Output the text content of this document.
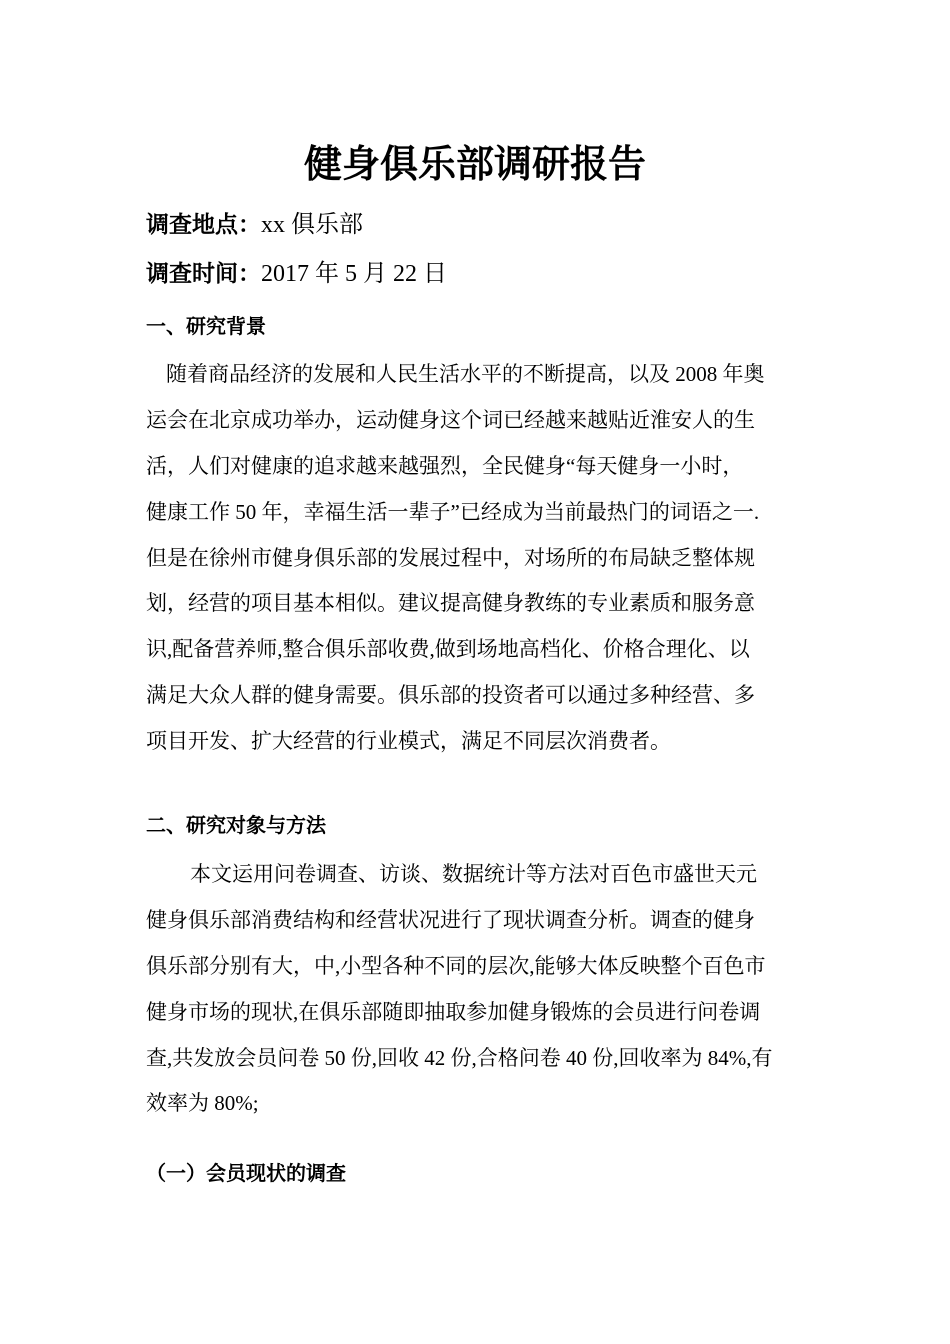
健身俱乐部调研报告
调查地点：xx 俱乐部
调查时间：2017 年 5 月 22 日
一、研究背景
随着商品经济的发展和人民生活水平的不断提高，以及 2008 年奥
运会在北京成功举办，运动健身这个词已经越来越贴近淮安人的生
活，人们对健康的追求越来越强烈，全民健身“每天健身一小时，
健康工作 50 年，幸福生活一辈子”已经成为当前最热门的词语之一.
但是在徐州市健身俱乐部的发展过程中，对场所的布局缺乏整体规
划，经营的项目基本相似。建议提高健身教练的专业素质和服务意
识,配备营养师,整合俱乐部收费,做到场地高档化、价格合理化、以
满足大众人群的健身需要。俱乐部的投资者可以通过多种经营、多
项目开发、扩大经营的行业模式，满足不同层次消费者。
二、研究对象与方法
本文运用问卷调查、访谈、数据统计等方法对百色市盛世天元
健身俱乐部消费结构和经营状况进行了现状调查分析。调查的健身
俱乐部分别有大，中,小型各种不同的层次,能够大体反映整个百色市
健身市场的现状,在俱乐部随即抽取参加健身锻炼的会员进行问卷调
查,共发放会员问卷 50 份,回收 42 份,合格问卷 40 份,回收率为 84%,有
效率为 80%;
（一）会员现状的调查
